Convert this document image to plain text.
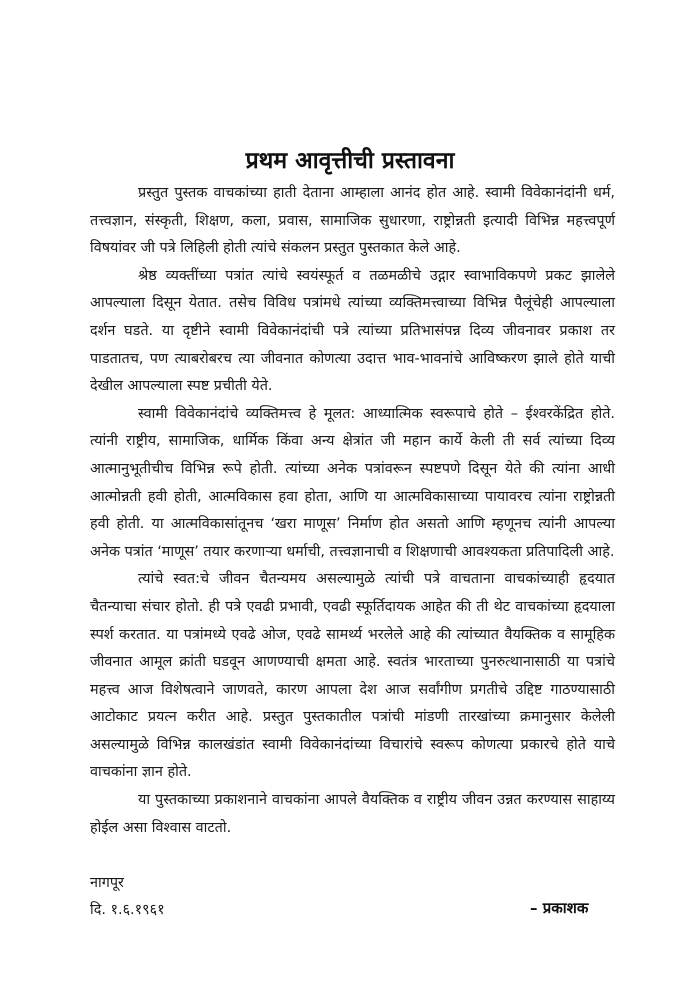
प्रथम आवृत्तीची प्रस्तावना

प्रस्तुत पुस्तक वाचकांच्या हाती देताना आम्हाला आनंद होत आहे. स्वामी विवेकानंदांनी धर्म, तत्त्वज्ञान, संस्कृती, शिक्षण, कला, प्रवास, सामाजिक सुधारणा, राष्ट्रोन्नती इत्यादी विभिन्न महत्त्वपूर्ण विषयांवर जी पत्रे लिहिली होती त्यांचे संकलन प्रस्तुत पुस्तकात केले आहे.

श्रेष्ठ व्यक्तींच्या पत्रांत त्यांचे स्वयंस्फूर्त व तळमळीचे उद्गार स्वाभाविकपणे प्रकट झालेले आपल्याला दिसून येतात. तसेच विविध पत्रांमधे त्यांच्या व्यक्तिमत्त्वाच्या विभिन्न पैलूंचेही आपल्याला दर्शन घडते. या दृष्टीने स्वामी विवेकानंदांची पत्रे त्यांच्या प्रतिभासंपन्न दिव्य जीवनावर प्रकाश तर पाडतातच, पण त्याबरोबरच त्या जीवनात कोणत्या उदात्त भाव-भावनांचे आविष्करण झाले होते याची देखील आपल्याला स्पष्ट प्रचीती येते.

स्वामी विवेकानंदांचे व्यक्तिमत्त्व हे मूलत: आध्यात्मिक स्वरूपाचे होते – ईश्वरकेंद्रित होते. त्यांनी राष्ट्रीय, सामाजिक, धार्मिक किंवा अन्य क्षेत्रांत जी महान कार्ये केली ती सर्व त्यांच्या दिव्य आत्मानुभूतीचीच विभिन्न रूपे होती. त्यांच्या अनेक पत्रांवरून स्पष्टपणे दिसून येते की त्यांना आधी आत्मोन्नती हवी होती, आत्मविकास हवा होता, आणि या आत्मविकासाच्या पायावरच त्यांना राष्ट्रोन्नती हवी होती. या आत्मविकासांतूनच ‘खरा माणूस’ निर्माण होत असतो आणि म्हणूनच त्यांनी आपल्या अनेक पत्रांत ‘माणूस’ तयार करणाऱ्या धर्माची, तत्त्वज्ञानाची व शिक्षणाची आवश्यकता प्रतिपादिली आहे.

त्यांचे स्वत:चे जीवन चैतन्यमय असल्यामुळे त्यांची पत्रे वाचताना वाचकांच्याही हृदयात चैतन्याचा संचार होतो. ही पत्रे एवढी प्रभावी, एवढी स्फूर्तिदायक आहेत की ती थेट वाचकांच्या हृदयाला स्पर्श करतात. या पत्रांमध्ये एवढे ओज, एवढे सामर्थ्य भरलेले आहे की त्यांच्यात वैयक्तिक व सामूहिक जीवनात आमूल क्रांती घडवून आणण्याची क्षमता आहे. स्वतंत्र भारताच्या पुनरुत्थानासाठी या पत्रांचे महत्त्व आज विशेषत्वाने जाणवते, कारण आपला देश आज सर्वांगीण प्रगतीचे उद्दिष्ट गाठण्यासाठी आटोकाट प्रयत्न करीत आहे. प्रस्तुत पुस्तकातील पत्रांची मांडणी तारखांच्या क्रमानुसार केलेली असल्यामुळे विभिन्न कालखंडांत स्वामी विवेकानंदांच्या विचारांचे स्वरूप कोणत्या प्रकारचे होते याचे वाचकांना ज्ञान होते.

या पुस्तकाच्या प्रकाशनाने वाचकांना आपले वैयक्तिक व राष्ट्रीय जीवन उन्नत करण्यास साहाय्य होईल असा विश्वास वाटतो.

नागपूर
दि. १.६.१९६१	– प्रकाशक
